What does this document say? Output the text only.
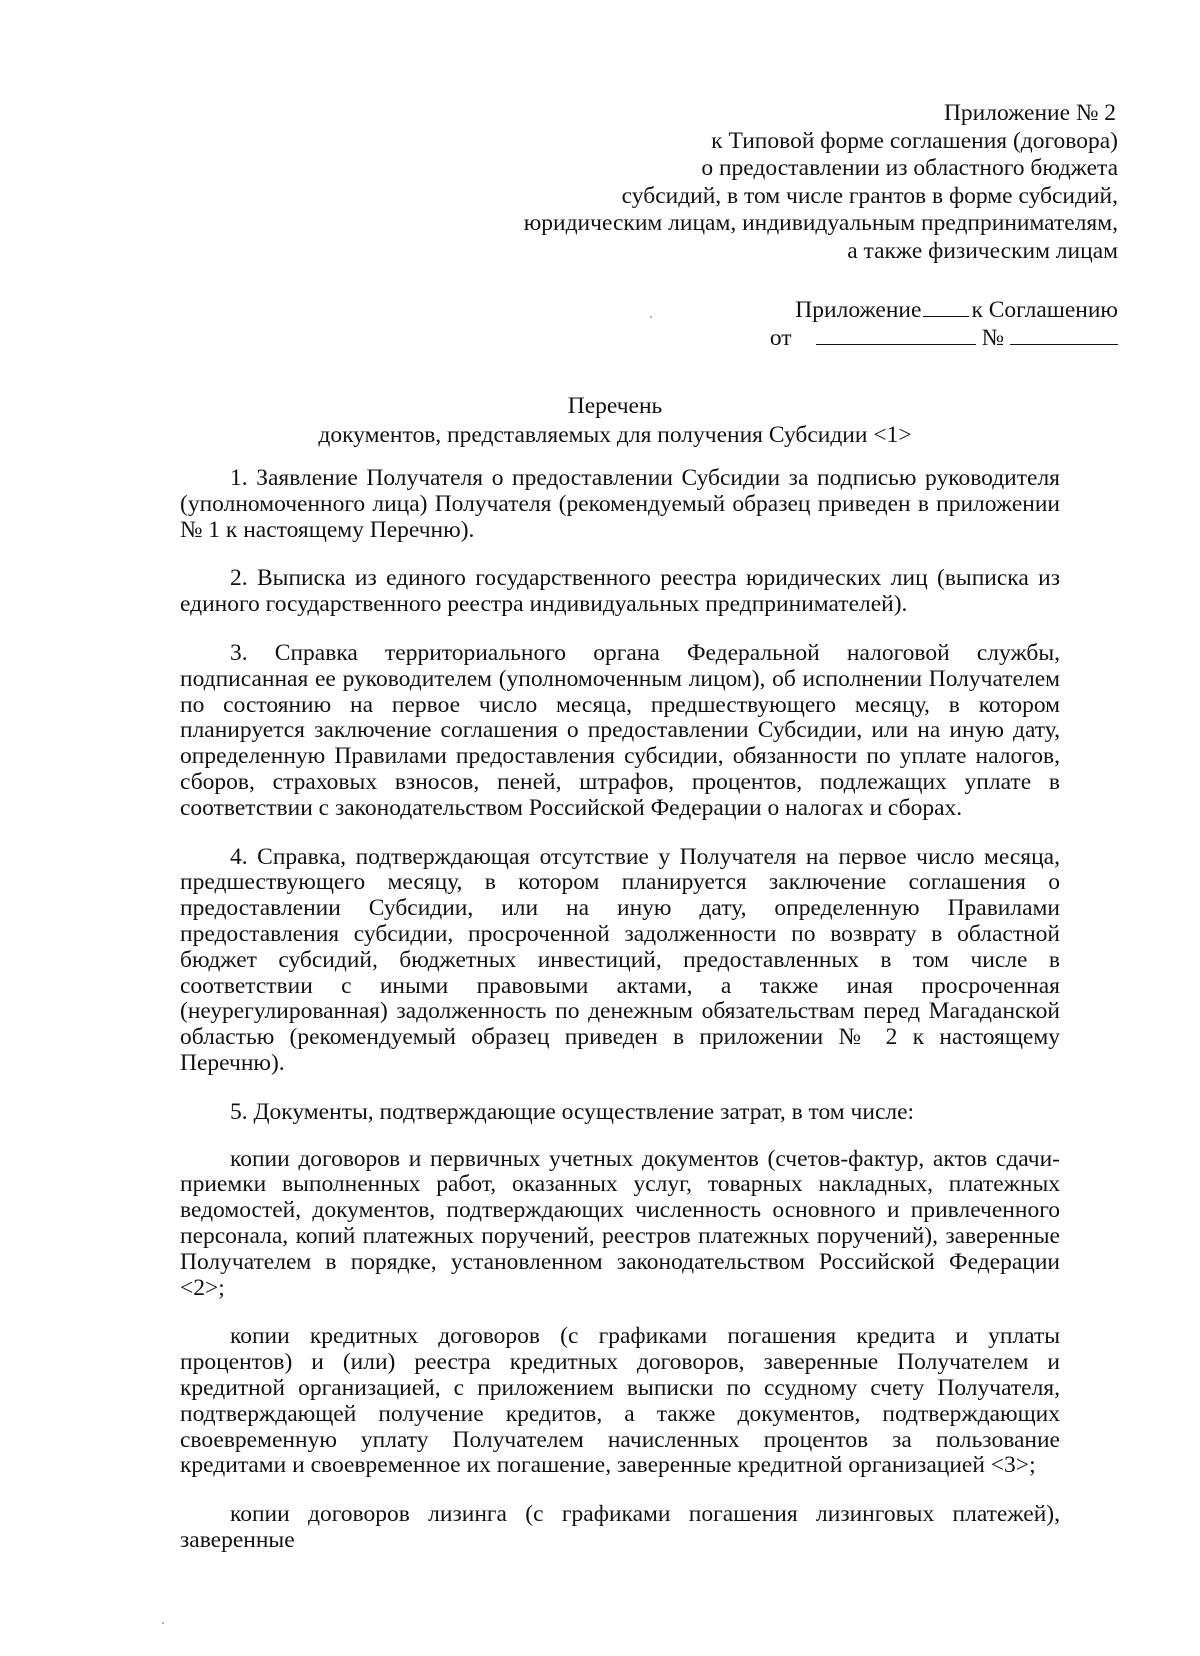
Приложение № 2
к Типовой форме соглашения (договора)
о предоставлении из областного бюджета
субсидий, в том числе грантов в форме субсидий,
юридическим лицам, индивидуальным предпринимателям,
а также физическим лицам
Приложение к Соглашению
от	№
Перечень
документов, представляемых для получения Субсидии <1>

1. Заявление Получателя о предоставлении Субсидии за подписью руководителя (уполномоченного лица) Получателя (рекомендуемый образец приведен в приложении № 1 к настоящему Перечню).

2. Выписка из единого государственного реестра юридических лиц (выписка из единого государственного реестра индивидуальных предпринимателей).

3. Справка территориального органа Федеральной налоговой службы, подписанная ее руководителем (уполномоченным лицом), об исполнении Получателем по состоянию на первое число месяца, предшествующего месяцу, в котором планируется заключение соглашения о предоставлении Субсидии, или на иную дату, определенную Правилами предоставления субсидии, обязанности по уплате налогов, сборов, страховых взносов, пеней, штрафов, процентов, подлежащих уплате в соответствии с законодательством Российской Федерации о налогах и сборах.

4. Справка, подтверждающая отсутствие у Получателя на первое число месяца, предшествующего месяцу, в котором планируется заключение соглашения о предоставлении Субсидии, или на иную дату, определенную Правилами предоставления субсидии, просроченной задолженности по возврату в областной бюджет субсидий, бюджетных инвестиций, предоставленных в том числе в соответствии с иными правовыми актами, а также иная просроченная (неурегулированная) задолженность по денежным обязательствам перед Магаданской областью (рекомендуемый образец приведен в приложении № 2 к настоящему Перечню).

5. Документы, подтверждающие осуществление затрат, в том числе:

копии договоров и первичных учетных документов (счетов-фактур, актов сдачи-приемки выполненных работ, оказанных услуг, товарных накладных, платежных ведомостей, документов, подтверждающих численность основного и привлеченного персонала, копий платежных поручений, реестров платежных поручений), заверенные Получателем в порядке, установленном законодательством Российской Федерации <2>;

копии кредитных договоров (с графиками погашения кредита и уплаты процентов) и (или) реестра кредитных договоров, заверенные Получателем и кредитной организацией, с приложением выписки по ссудному счету Получателя, подтверждающей получение кредитов, а также документов, подтверждающих своевременную уплату Получателем начисленных процентов за пользование кредитами и своевременное их погашение, заверенные кредитной организацией <3>;

копии договоров лизинга (с графиками погашения лизинговых платежей), заверенные
